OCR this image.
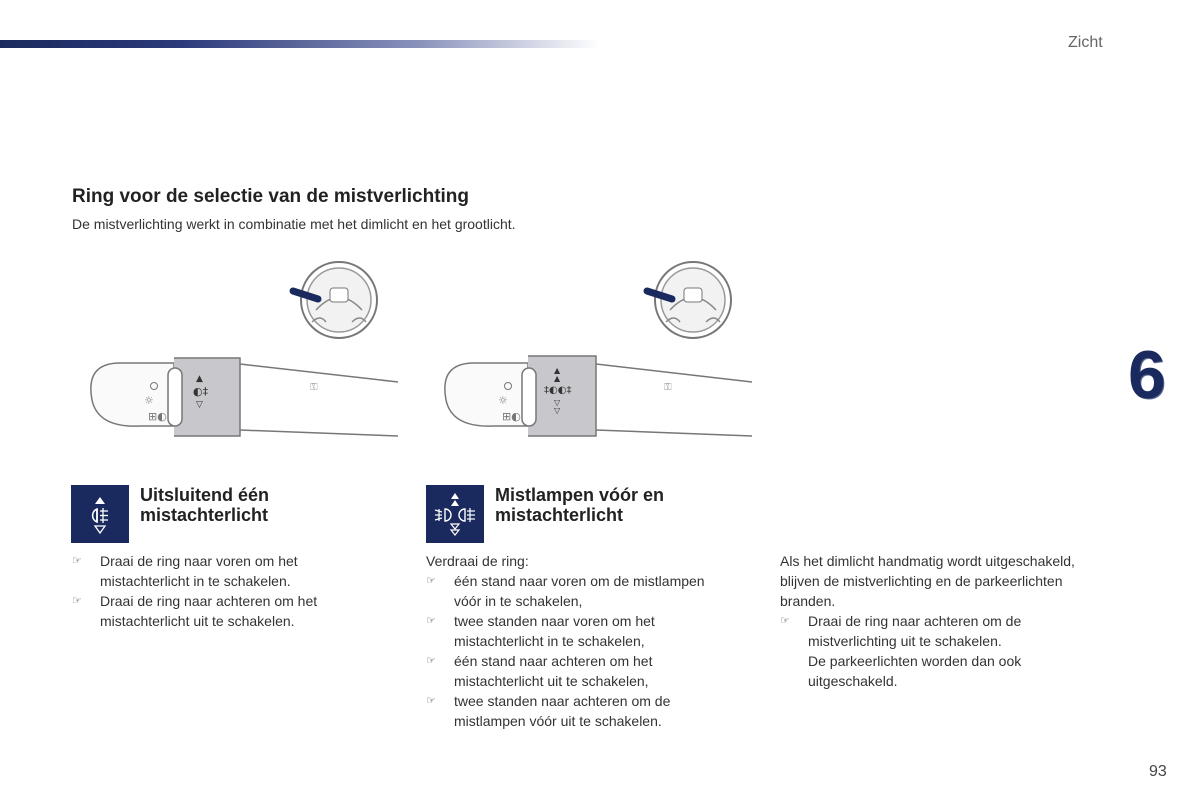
Zicht
6
93
Ring voor de selectie van de mistverlichting
De mistverlichting werkt in combinatie met het dimlicht en het grootlicht.
⊞◐
☼
▲
◐‡
▽
⚿
⊞◐
☼
▲
▲
‡◐◐‡
▽
▽
⚿
Uitsluitend één
mistachterlicht
Mistlampen vóór en
mistachterlicht
☞ Draai de ring naar voren om het
mistachterlicht in te schakelen.
☞ Draai de ring naar achteren om het
mistachterlicht uit te schakelen.

Verdraai de ring:

☞ één stand naar voren om de mistlampen
vóór in te schakelen,
☞ twee standen naar voren om het
mistachterlicht in te schakelen,
☞ één stand naar achteren om het
mistachterlicht uit te schakelen,
☞ twee standen naar achteren om de
mistlampen vóór uit te schakelen.

Als het dimlicht handmatig wordt uitgeschakeld,

blijven de mistverlichting en de parkeerlichten

branden.

☞ Draai de ring naar achteren om de
mistverlichting uit te schakelen.
De parkeerlichten worden dan ook
uitgeschakeld.
